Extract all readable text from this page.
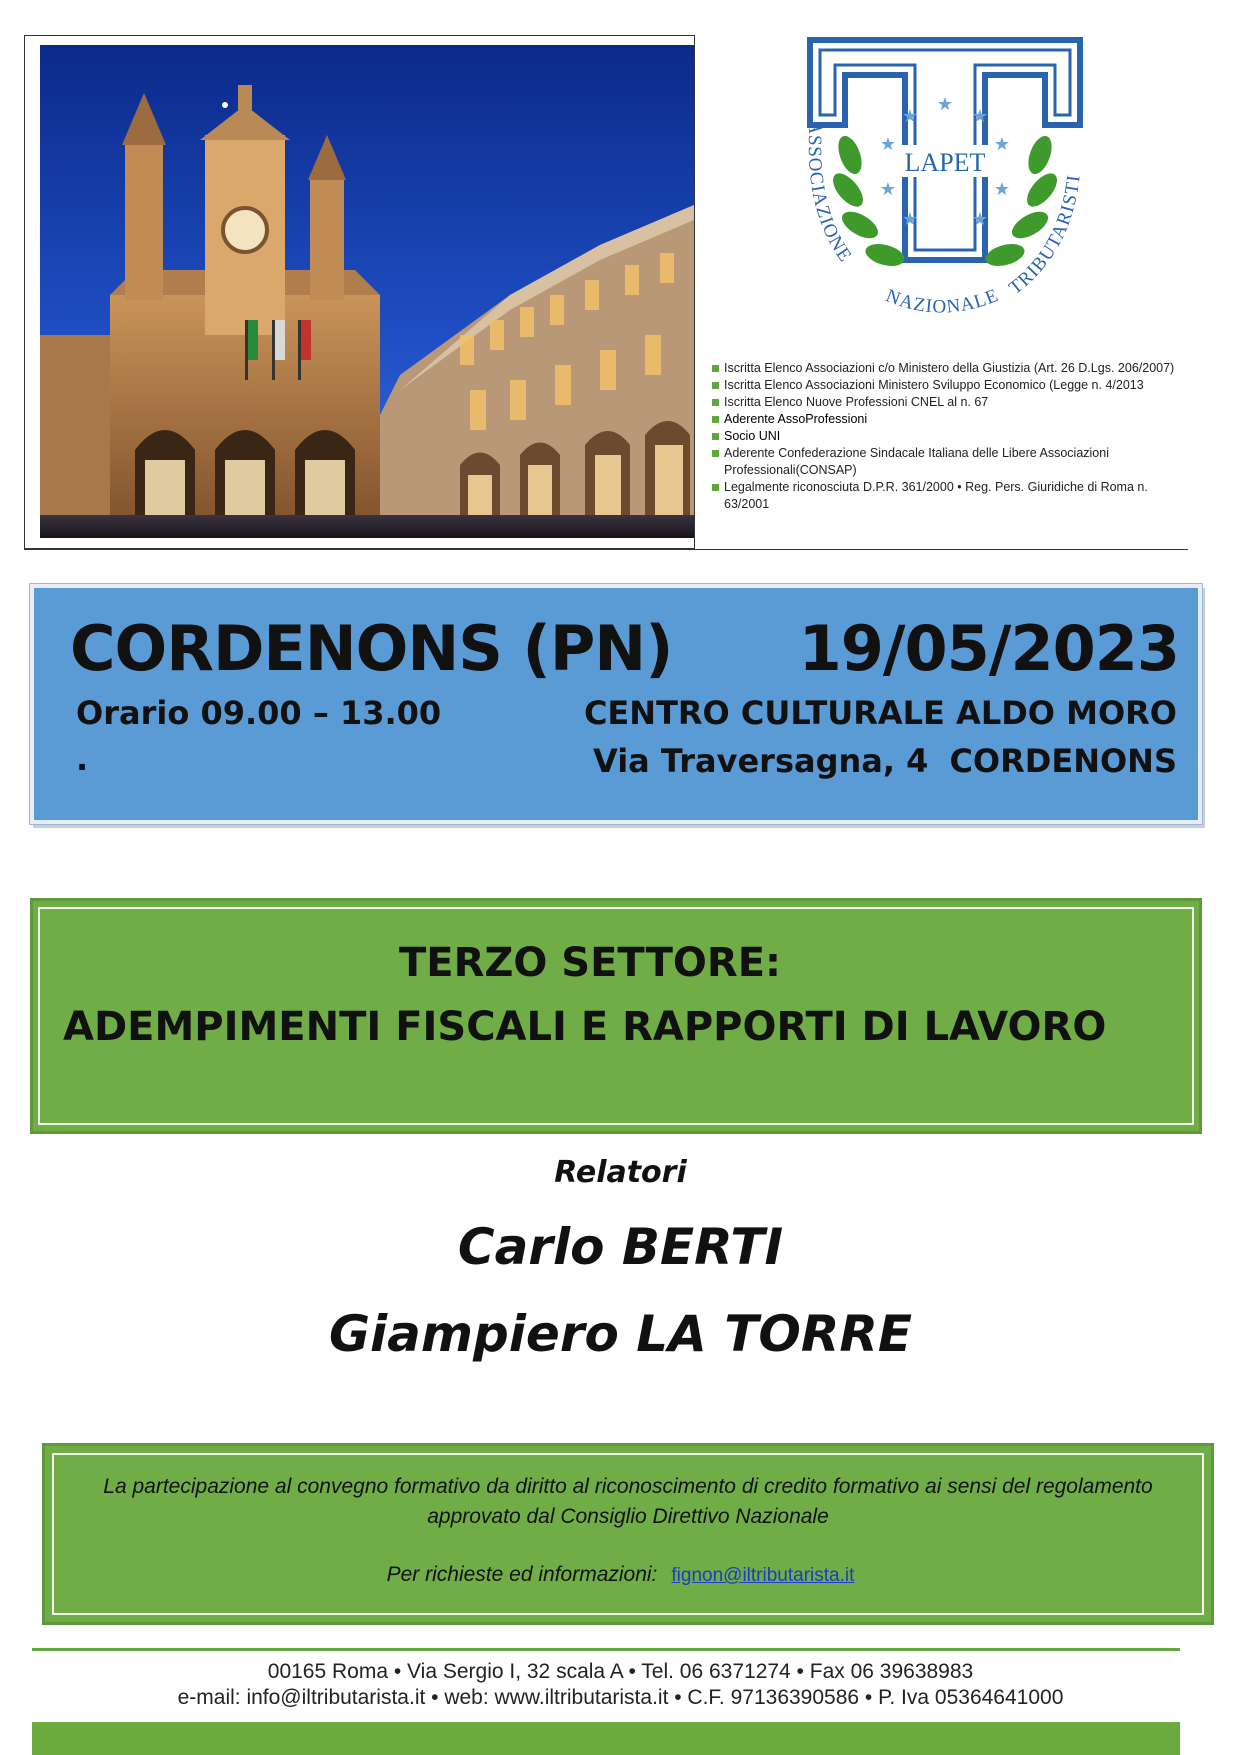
★
★	★
★	★
★	★
★	★
LAPET
NAZIONALE
ASSOCIAZIONE
TRIBUTARISTI
Iscritta Elenco Associazioni c/o Ministero della Giustizia (Art. 26 D.Lgs. 206/2007)
Iscritta Elenco Associazioni Ministero Sviluppo Economico (Legge n. 4/2013
Iscritta Elenco Nuove Professioni CNEL al n. 67
Aderente AssoProfessioni
Socio UNI
Aderente Confederazione Sindacale Italiana delle Libere Associazioni
Professionali(CONSAP)
Legalmente riconosciuta D.P.R. 361/2000 • Reg. Pers. Giuridiche di Roma n. 63/2001
CORDENONS (PN) 19/05/2023
Orario 09.00 – 13.00
.
CENTRO CULTURALE ALDO MORO
Via Traversagna, 4 CORDENONS
TERZO SETTORE:
ADEMPIMENTI FISCALI E RAPPORTI DI LAVORO
Relatori
Carlo BERTI
Giampiero LA TORRE
La partecipazione al convegno formativo da diritto al riconoscimento di credito formativo ai sensi del regolamento approvato dal Consiglio Direttivo Nazionale
Per richieste ed informazioni: fignon@iltributarista.it
00165 Roma • Via Sergio I, 32 scala A • Tel. 06 6371274 • Fax 06 39638983
e-mail: info@iltributarista.it • web: www.iltributarista.it • C.F. 97136390586 • P. Iva 05364641000
